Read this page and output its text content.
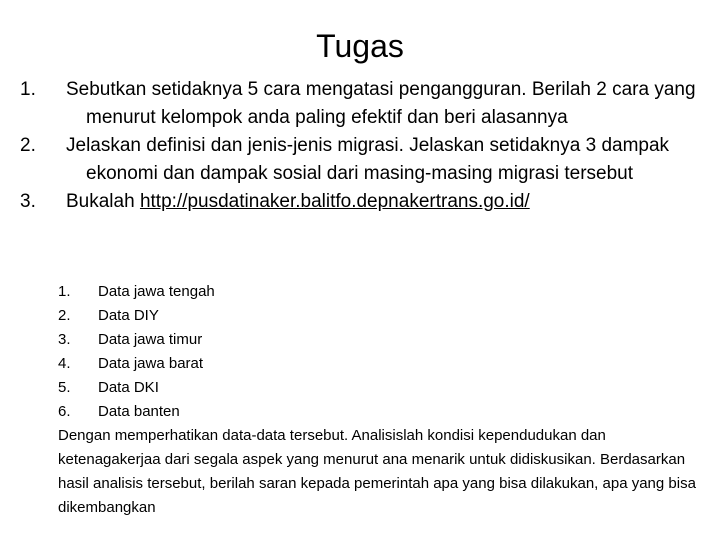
Tugas
1.	Sebutkan setidaknya 5 cara mengatasi pengangguran. Berilah 2 cara yang menurut kelompok anda paling efektif dan beri alasannya
2.	Jelaskan definisi dan jenis-jenis migrasi. Jelaskan setidaknya 3 dampak ekonomi dan dampak sosial dari masing-masing migrasi tersebut
3.	Bukalah http://pusdatinaker.balitfo.depnakertrans.go.id/
1.	Data jawa tengah
2.	Data DIY
3.	Data jawa timur
4.	Data jawa barat
5.	Data DKI
6.	Data banten
Dengan memperhatikan data-data tersebut. Analisislah kondisi kependudukan dan ketenagakerjaa dari segala aspek yang menurut ana menarik untuk didiskusikan. Berdasarkan hasil analisis tersebut, berilah saran kepada pemerintah apa yang bisa dilakukan, apa yang bisa dikembangkan
